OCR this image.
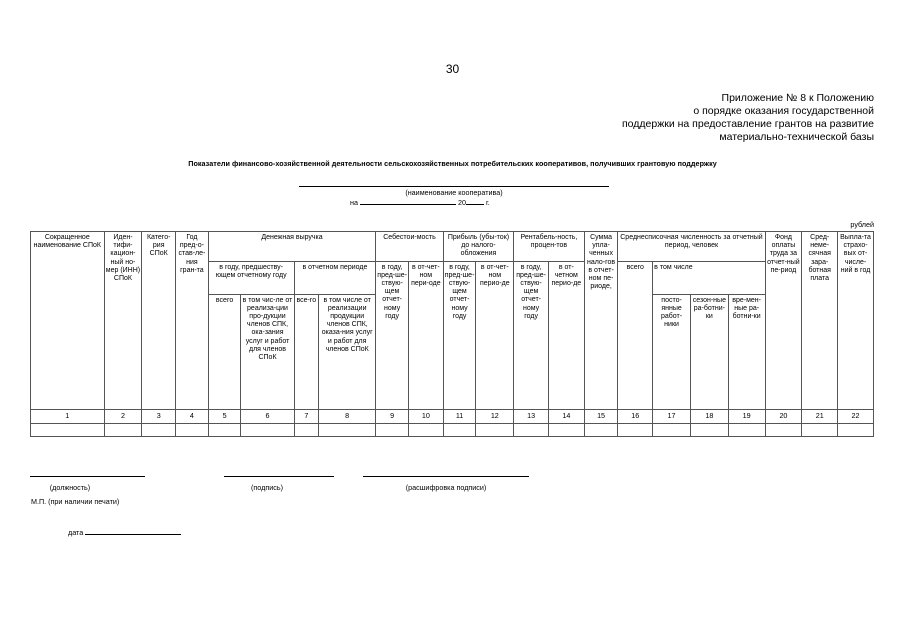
30
Приложение № 8 к Положению
о порядке оказания государственной
поддержки на предоставление грантов на развитие
материально-технической базы
Показатели финансово-хозяйственной деятельности сельскохозяйственных потребительских кооперативов, получивших грантовую поддержку
(наименование кооператива)
на	20	г.
рублей
Сокращенное наименование СПоК	Иден-тифи-кацион-ный но-мер (ИНН) СПоК	Катего-рия СПоК	Год пред-о- став-ле-ния гран-та	Денежная выручка				Себестои-мость		Прибыль (убы-ток) до налого-обложения		Рентабель-ность, процен-тов		Сумма упла-ченных нало-гов в отчет-ном пе-риоде,	Среднесписочная численность за отчетный период, человек				Фонд оплаты труда за отчет-ный пе-риод	Сред-неме-сячная зара-ботная плата	Выпла-та страхо-вых от-числе-ний в год
				в году, предшеству-ющем отчетному году		в отчетном периоде		в году, пред-ше-ствую-щем отчет-ному году	в от-чет-ном пери-оде	в году, пред-ше-ствую-щем отчет-ному году	в от-чет-ном перио-де	в году, пред-ше-ствую-щем отчет-ному году	в от-четном перио-де		всего	в том числе					
				всего	в том чис-ле от реализа-ции про-дукции членов СПК, ока-зания услуг и работ для членов СПоК	все-го	в том числе от реализации продукции членов СПК, оказа-ния услуг и работ для членов СПоК									посто-янные работ-ники	сезон-ные ра-ботни-ки	вре-мен-ные ра-ботни-ки			
1	2	3	4	5	6	7	8	9	10	11	12	13	14	15	16	17	18	19	20	21	22

(должность)	(подпись)	(расшифровка подписи)
М.П. (при наличии печати)
дата
